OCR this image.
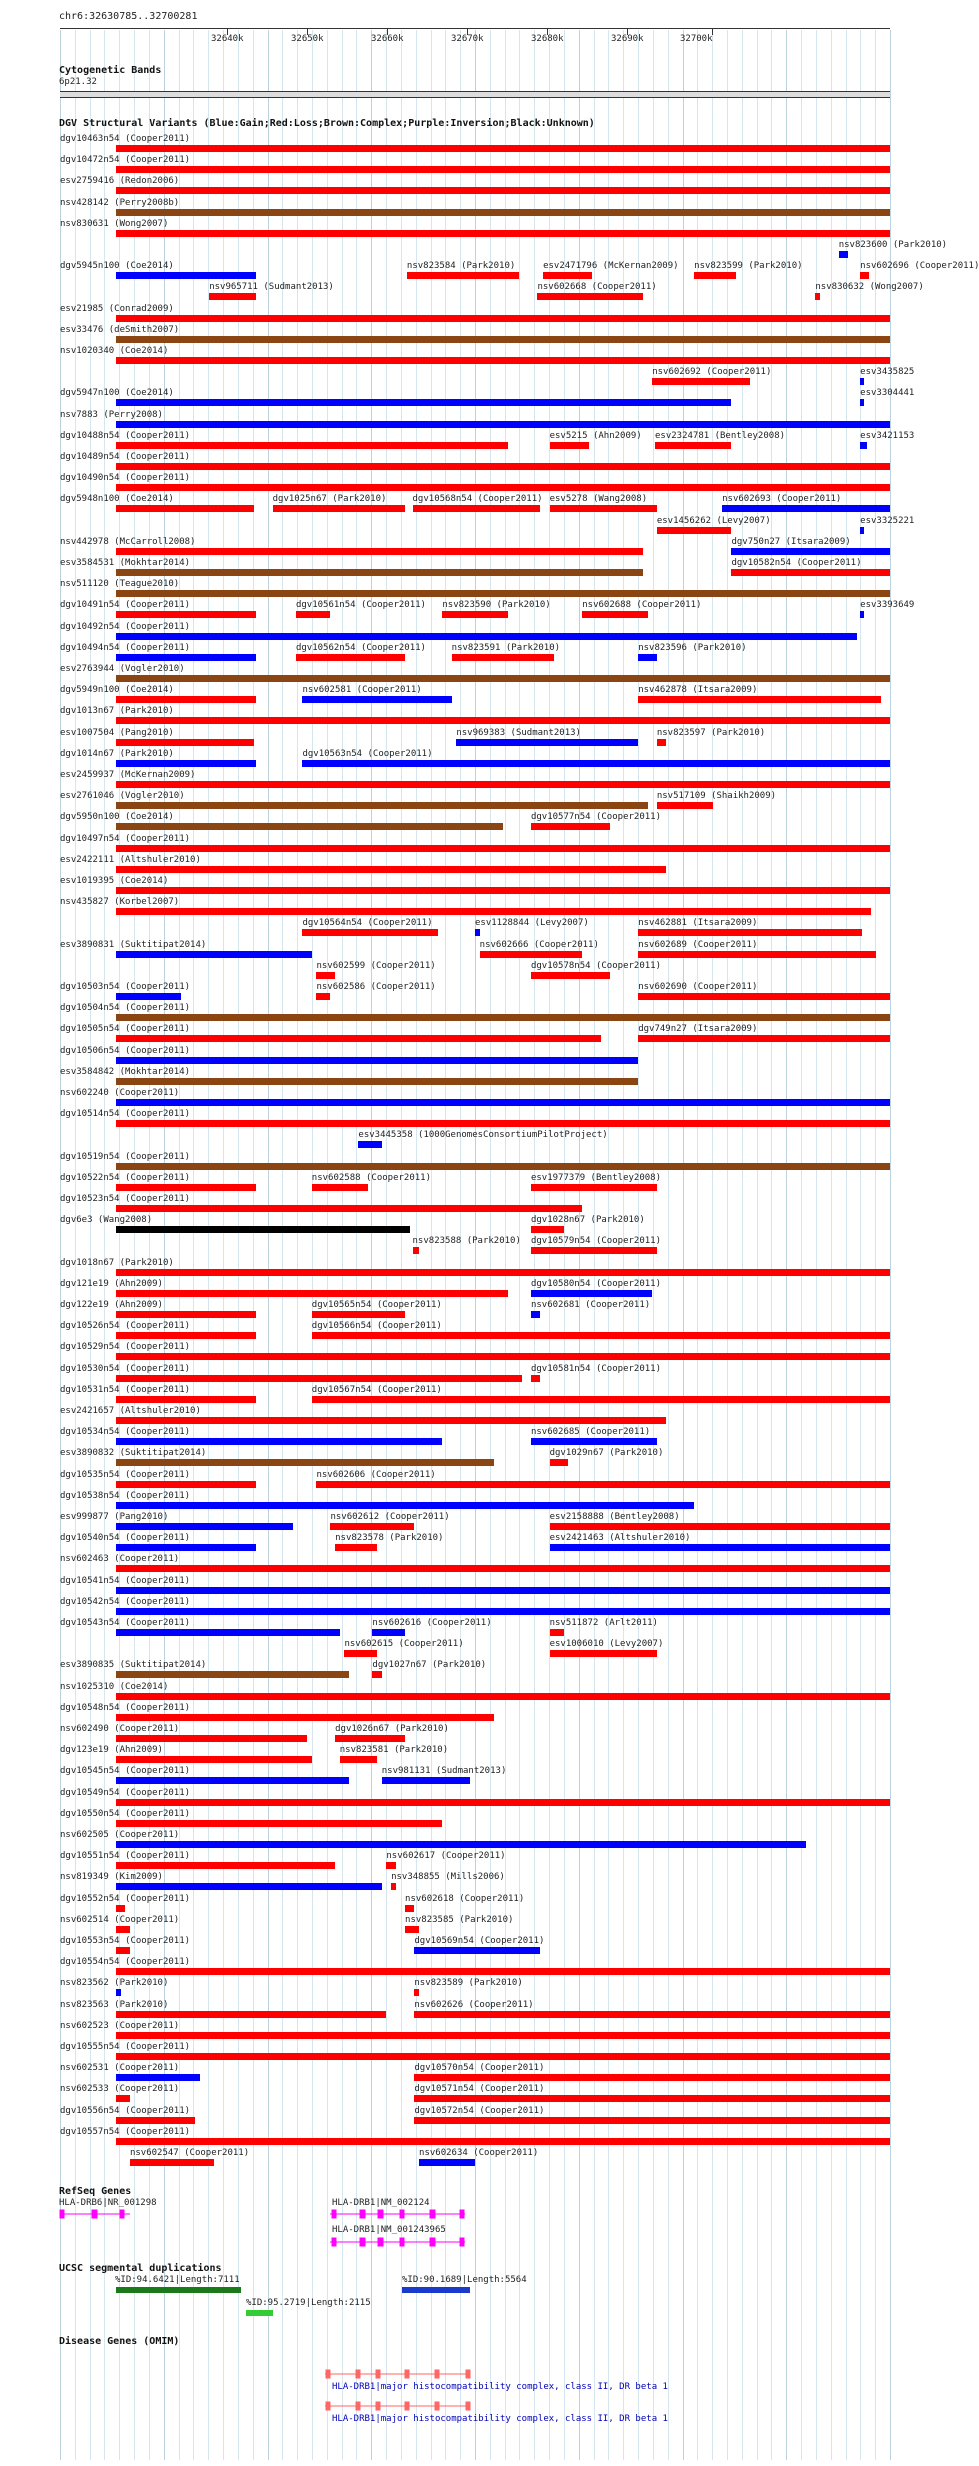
chr6:32630785..32700281
32640k	32650k	32660k	32670k	32680k	32690k	32700k
Cytogenetic Bands
6p21.32
DGV Structural Variants (Blue:Gain;Red:Loss;Brown:Complex;Purple:Inversion;Black:Unknown)
dgv10463n54 (Cooper2011)
dgv10472n54 (Cooper2011)
esv2759416 (Redon2006)
nsv428142 (Perry2008b)
nsv830631 (Wong2007)
nsv823600 (Park2010)
dgv5945n100 (Coe2014)
nsv965711 (Sudmant2013)
nsv823584 (Park2010)	esv2471796 (McKernan2009) nsv823599 (Park2010)	nsv602696 (Cooper2011)
esv21985 (Conrad2009)
esv33476 (deSmith2007)
nsv1020340 (Coe2014)
nsv602668 (Cooper2011)
nsv602692 (Cooper2011)
dgv5947n100 (Coe2014)
nsv830632 (Wong2007)
nsv7883 (Perry2008)
dgv10488n54 (Cooper2011)	esv5215 (Ahn2009) esv2324781 (Bentley2008)
esv3435825
dgv10489n54 (Cooper2011)
dgv10490n54 (Cooper2011)
dgv5948n100 (Coe2014)	dgv1025n67 (Park2010)	dgv10568n54 (Cooper2011) esv5278 (Wang2008)
esv1456262 (Levy2007)
esv3304441
nsv442978 (McCarroll2008)
nsv602693 (Cooper2011)
esv3584531 (Mokhtar2014)
dgv750n27 (Itsara2009)
nsv511120 (Teague2010)
dgv10491n54 (Cooper2011)	dgv10561n54 (Cooper2011) nsv823590 (Park2010)	nsv602688 (Cooper2011)
dgv10582n54 (Cooper2011)
dgv10492n54 (Cooper2011)
esv3421153
dgv10494n54 (Cooper2011)
esv2763944 (Vogler2010)
dgv5949n100 (Coe2014)
dgv10562n54 (Cooper2011)	nsv823591 (Park2010)	nsv823596 (Park2010)
esv3325221
dgv1013n67 (Park2010)
esv1007504 (Pang2010)
nsv602581 (Cooper2011)
nsv969383 (Sudmant2013)
nsv462878 (Itsara2009)
dgv1014n67 (Park2010)	dgv10563n54 (Cooper2011)
esv2459937 (McKernan2009)
esv2761046 (Vogler2010)
nsv823597 (Park2010)
esv3393649
dgv5950n100 (Coe2014)	dgv10577n54 (Cooper2011)
nsv517109 (Shaikh2009)
dgv10497n54 (Cooper2011)
esv2422111 (Altshuler2010)
esv1019395 (Coe2014)
nsv435827 (Korbel2007)
dgv10564n54 (Cooper2011)	esv1128844 (Levy2007)	nsv462881 (Itsara2009)
esv3890831 (Suktitipat2014)
nsv602599 (Cooper2011)
nsv602666 (Cooper2011)	nsv602689 (Cooper2011)
dgv10503n54 (Cooper2011)	nsv602586 (Cooper2011)
dgv10578n54 (Cooper2011)
dgv10504n54 (Cooper2011)
nsv602690 (Cooper2011)
dgv10505n54 (Cooper2011)
dgv10506n54 (Cooper2011)
esv3584842 (Mokhtar2014)
nsv602240 (Cooper2011)
dgv10514n54 (Cooper2011)
esv3445358 (1000GenomesConsortiumPilotProject)
dgv749n27 (Itsara2009)
dgv10519n54 (Cooper2011)
dgv10522n54 (Cooper2011)	nsv602588 (Cooper2011)	esv1977379 (Bentley2008)
dgv10523n54 (Cooper2011)
dgv6e3 (Wang2008)
nsv823588 (Park2010)
dgv1028n67 (Park2010)
dgv1018n67 (Park2010)
dgv121e19 (Ahn2009)
dgv10579n54 (Cooper2011)
dgv122e19 (Ahn2009)	dgv10565n54 (Cooper2011)
dgv10580n54 (Cooper2011)
dgv10526n54 (Cooper2011)	dgv10566n54 (Cooper2011)
dgv10529n54 (Cooper2011)
dgv10530n54 (Cooper2011)
nsv602681 (Cooper2011)
dgv10531n54 (Cooper2011)	dgv10567n54 (Cooper2011)
esv2421657 (Altshuler2010)
dgv10534n54 (Cooper2011)
dgv10581n54 (Cooper2011)
esv3890832 (Suktitipat2014)
dgv10535n54 (Cooper2011)	nsv602606 (Cooper2011)
dgv10538n54 (Cooper2011)
esv999877 (Pang2010)	nsv602612 (Cooper2011)
nsv602685 (Cooper2011)
dgv10540n54 (Cooper2011)	nsv823578 (Park2010)
dgv1029n67 (Park2010)
nsv602463 (Cooper2011)
dgv10541n54 (Cooper2011)
dgv10542n54 (Cooper2011)
dgv10543n54 (Cooper2011)
nsv602615 (Cooper2011)
esv2158888 (Bentley2008)
esv3890835 (Suktitipat2014)
nsv602616 (Cooper2011)
esv2421463 (Altshuler2010)
nsv1025310 (Coe2014)
dgv10548n54 (Cooper2011)
nsv511872 (Arlt2011)
nsv602490 (Cooper2011)	dgv1026n67 (Park2010)
esv1006010 (Levy2007)
dgv123e19 (Ahn2009)
dgv10545n54 (Cooper2011)
dgv1027n67 (Park2010)
dgv10549n54 (Cooper2011)
dgv10550n54 (Cooper2011)
nsv602505 (Cooper2011)
dgv10551n54 (Cooper2011)
nsv823581 (Park2010)
nsv819349 (Kim2009)
nsv981131 (Sudmant2013)
dgv10552n54 (Cooper2011)
nsv602617 (Cooper2011)
nsv602514 (Cooper2011)
nsv348855 (Mills2006)
dgv10553n54 (Cooper2011)
nsv602618 (Cooper2011)
dgv10554n54 (Cooper2011)
nsv823562 (Park2010)
nsv823585 (Park2010)
nsv823563 (Park2010)
dgv10569n54 (Cooper2011)
nsv602523 (Cooper2011)
dgv10555n54 (Cooper2011)
nsv823589 (Park2010)
nsv602531 (Cooper2011)
nsv602626 (Cooper2011)
nsv602533 (Cooper2011)
dgv10570n54 (Cooper2011)
dgv10556n54 (Cooper2011)
dgv10571n54 (Cooper2011)
dgv10557n54 (Cooper2011)
dgv10572n54 (Cooper2011)
nsv602547 (Cooper2011)	nsv602634 (Cooper2011)
RefSeq Genes
HLA-DRB6|NR_001298	HLA-DRB1|NM_002124
HLA-DRB1|NM_001243965
UCSC segmental duplications
%ID:94.6421|Length:7111	%ID:90.1689|Length:5564
%ID:95.2719|Length:2115
Disease Genes (OMIM)
HLA-DRB1|major histocompatibility complex, class II, DR beta 1
HLA-DRB1|major histocompatibility complex, class II, DR beta 1
